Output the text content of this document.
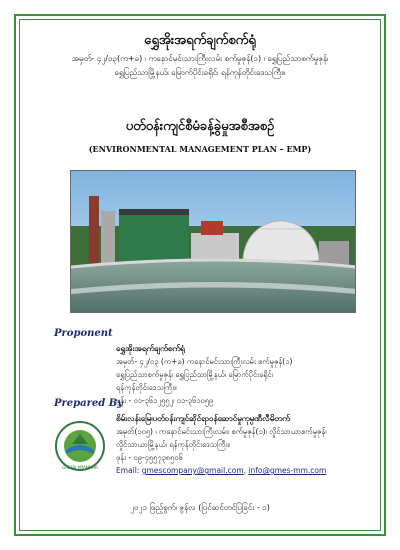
ရွှေအိုးအရက်ချက်စက်ရုံ
အမှတ်- ၄၂/၀၃(က+ခ) ၊ ကနောင်မင်းသားကြီးလမ်း စက်မှုဇုန်(၁) ၊ ရွှေပြည်သာစက်မှုဇုန်၊
ရွှေပြည်သာမြို့နယ်၊ မြောက်ပိုင်းခရိုင်၊ ရန်ကုန်တိုင်းဒေသကြီး။
ပတ်ဝန်းကျင်စီမံခန့်ခွဲမှုအစီအစဉ်
(ENVIRONMENTAL MANAGEMENT PLAN – EMP)
Proponent
ရွှေအိုးအရက်ချက်စက်ရုံ
အမှတ်- ၄၂/၀၃ (က+ခ) ကနောင်မင်းသားကြီးလမ်း စက်မှုဇုန်(၁)
ရွှေပြည်သာစက်မှုဇုန်၊ ရွှေပြည်သာမြို့နယ်၊ မြောက်ပိုင်းခရိုင်၊
ရန်ကုန်တိုင်းဒေသကြီး။
ဖုန်း - ၀၁-၃၆၁၂၅၅၂၊ ၀၁-၃၆၁၀၅၉
Prepared By
GREEN MYANMAR
စိမ်းလန်းမြေ၊ပတ်ဝန်းကျင်ဆိုင်ရာဝန်ဆောင်မှုကုမ္ပဏီလီမိတက်
အမှတ်(၁၀၅) ၊ ကနောင်မင်းသားကြီးလမ်း၊ စက်မှုဇုန်(၁)၊ လှိုင်သာယာစက်မှုဇုန်၊
လှိုင်သာယာမြို့နယ်၊ ရန်ကုန်တိုင်းဒေသကြီး။
ဖုန်း - ၀၉-၄၅၅၇၃၈၅၀၆
Email: gmescompany@gmail.com, info@gmes-mm.com
၂၀၂၁ ဖြည့်စွက်၊ ဇွန်လ (ပြင်ဆင်တင်ပြခြင်း - ၁)
